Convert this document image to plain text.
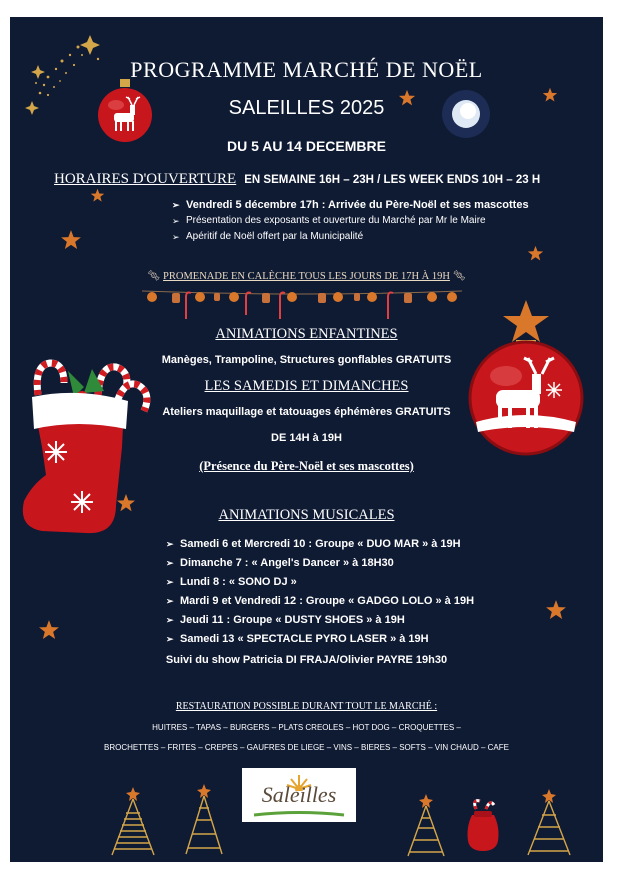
PROGRAMME MARCHÉ DE NOËL
SALEILLES 2025
DU 5 AU 14 DECEMBRE
HORAIRES D'OUVERTURE EN SEMAINE 16H – 23H / LES WEEK ENDS 10H – 23 H
➢ Vendredi 5 décembre 17h : Arrivée du Père-Noël et ses mascottes
➢ Présentation des exposants et ouverture du Marché par Mr le Maire
➢ Apéritif de Noël offert par la Municipalité
🍬︎ PROMENADE EN CALÈCHE TOUS LES JOURS DE 17H À 19H 🍬︎
ANIMATIONS ENFANTINES
Manèges, Trampoline, Structures gonflables GRATUITS
LES SAMEDIS ET DIMANCHES
Ateliers maquillage et tatouages éphémères GRATUITS
DE 14H à 19H
(Présence du Père-Noël et ses mascottes)
ANIMATIONS MUSICALES
➢ Samedi 6 et Mercredi 10 : Groupe « DUO MAR » à 19H
➢ Dimanche 7 : « Angel's Dancer » à 18H30
➢ Lundi 8 : « SONO DJ »
➢ Mardi 9 et Vendredi 12 : Groupe « GADGO LOLO » à 19H
➢ Jeudi 11 : Groupe « DUSTY SHOES » à 19H
➢ Samedi 13 « SPECTACLE PYRO LASER » à 19H
Suivi du show Patricia DI FRAJA/Olivier PAYRE 19h30
RESTAURATION POSSIBLE DURANT TOUT LE MARCHÉ :
HUITRES – TAPAS – BURGERS – PLATS CREOLES – HOT DOG – CROQUETTES –
BROCHETTES – FRITES – CREPES – GAUFRES DE LIEGE – VINS – BIERES – SOFTS – VIN CHAUD – CAFE
Saleilles
